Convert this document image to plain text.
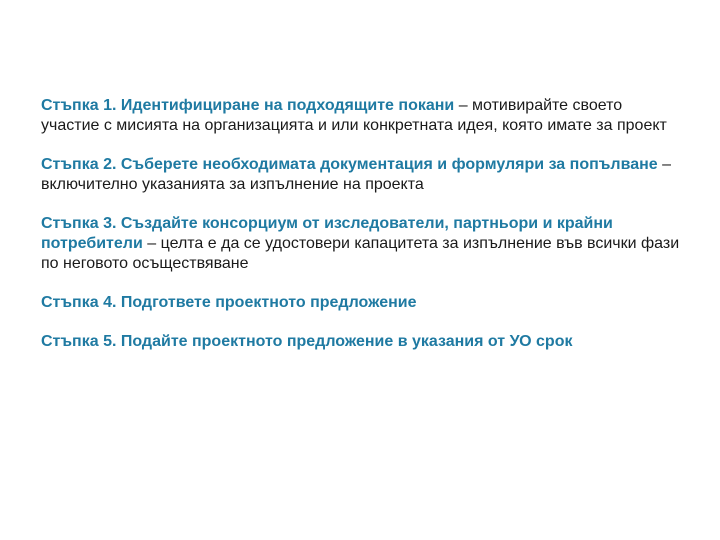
Стъпка 1. Идентифициране на подходящите покани – мотивирайте своето участие с мисията на организацията и или конкретната идея, която имате за проект

Стъпка 2. Съберете необходимата документация и формуляри за попълване – включително указанията за изпълнение на проекта

Стъпка 3. Създайте консорциум от изследователи, партньори и крайни потребители – целта е да се удостовери капацитета за изпълнение във всички фази по неговото осъществяване

Стъпка 4. Подгответе проектното предложение

Стъпка 5. Подайте проектното предложение в указания от УО срок
